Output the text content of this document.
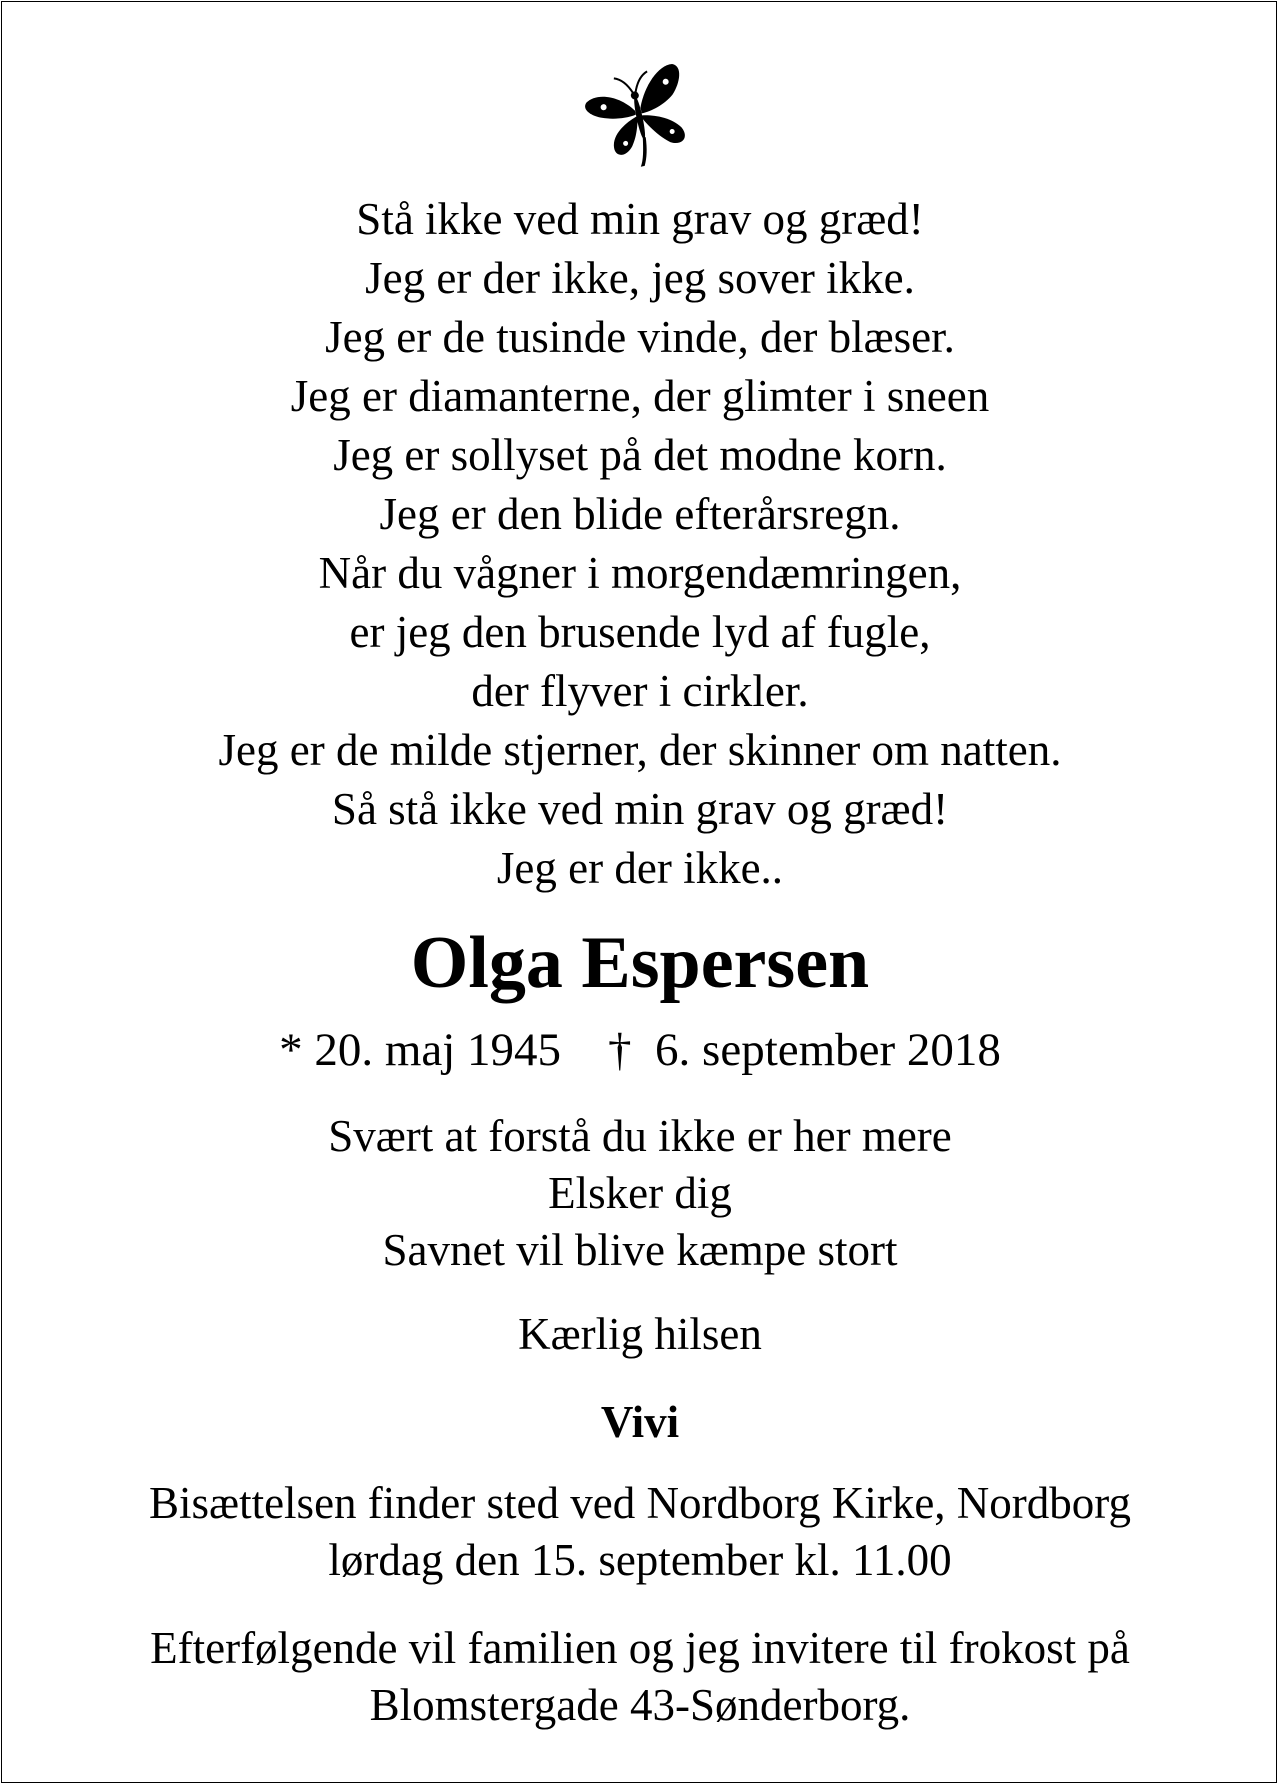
Stå ikke ved min grav og græd!
Jeg er der ikke, jeg sover ikke.
Jeg er de tusinde vinde, der blæser.
Jeg er diamanterne, der glimter i sneen
Jeg er sollyset på det modne korn.
Jeg er den blide efterårsregn.
Når du vågner i morgendæmringen,
er jeg den brusende lyd af fugle,
der flyver i cirkler.
Jeg er de milde stjerner, der skinner om natten.
Så stå ikke ved min grav og græd!
Jeg er der ikke..
Olga Espersen
* 20. maj 1945    †  6. september 2018
Svært at forstå du ikke er her mere
Elsker dig
Savnet vil blive kæmpe stort
Kærlig hilsen
Vivi
Bisættelsen finder sted ved Nordborg Kirke, Nordborg
lørdag den 15. september kl. 11.00
Efterfølgende vil familien og jeg invitere til frokost på
Blomstergade 43-Sønderborg.
